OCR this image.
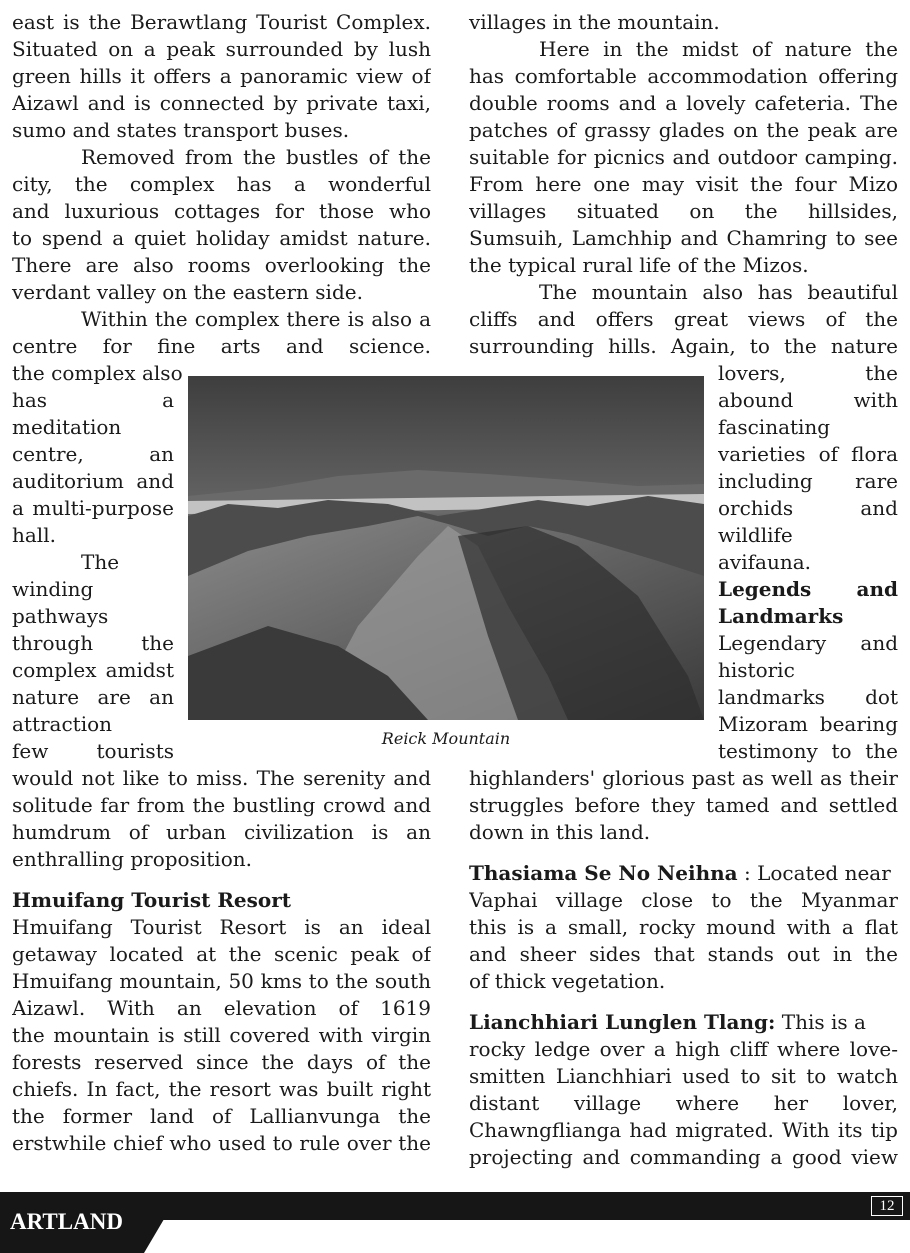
east is the Berawtlang Tourist Complex.
Situated on a peak surrounded by lush
green hills it offers a panoramic view of
Aizawl and is connected by private taxi,
sumo and states transport buses.
Removed from the bustles of the
city, the complex has a wonderful
and luxurious cottages for those who
to spend a quiet holiday amidst nature.
There are also rooms overlooking the
verdant valley on the eastern side.
Within the complex there is also a
centre for fine arts and science.
the complex also
has a
meditation
centre, an
auditorium and
a multi-purpose
hall.
The
winding
pathways
through the
complex amidst
nature are an
attraction
few tourists
would not like to miss. The serenity and
solitude far from the bustling crowd and
humdrum of urban civilization is an
enthralling proposition.
Hmuifang Tourist Resort
Hmuifang Tourist Resort is an ideal
getaway located at the scenic peak of
Hmuifang mountain, 50 kms to the south
Aizawl. With an elevation of 1619
the mountain is still covered with virgin
forests reserved since the days of the
chiefs. In fact, the resort was built right
the former land of Lallianvunga the
erstwhile chief who used to rule over the
villages in the mountain.
Here in the midst of nature the
has comfortable accommodation offering
double rooms and a lovely cafeteria. The
patches of grassy glades on the peak are
suitable for picnics and outdoor camping.
From here one may visit the four Mizo
villages situated on the hillsides,
Sumsuih, Lamchhip and Chamring to see
the typical rural life of the Mizos.
The mountain also has beautiful
cliffs and offers great views of the
surrounding hills. Again, to the nature
lovers, the
abound with
fascinating
varieties of flora
including rare
orchids and
wildlife
avifauna.
Legends and
Landmarks
Legendary and
historic
landmarks dot
Mizoram bearing
testimony to the
highlanders' glorious past as well as their
struggles before they tamed and settled
down in this land.
Thasiama Se No Neihna : Located near
Vaphai village close to the Myanmar
this is a small, rocky mound with a flat
and sheer sides that stands out in the
of thick vegetation.
Lianchhiari Lunglen Tlang: This is a
rocky ledge over a high cliff where love-
smitten Lianchhiari used to sit to watch
distant village where her lover,
Chawngflianga had migrated. With its tip
projecting and commanding a good view
Reick Mountain
ARTLAND
12
